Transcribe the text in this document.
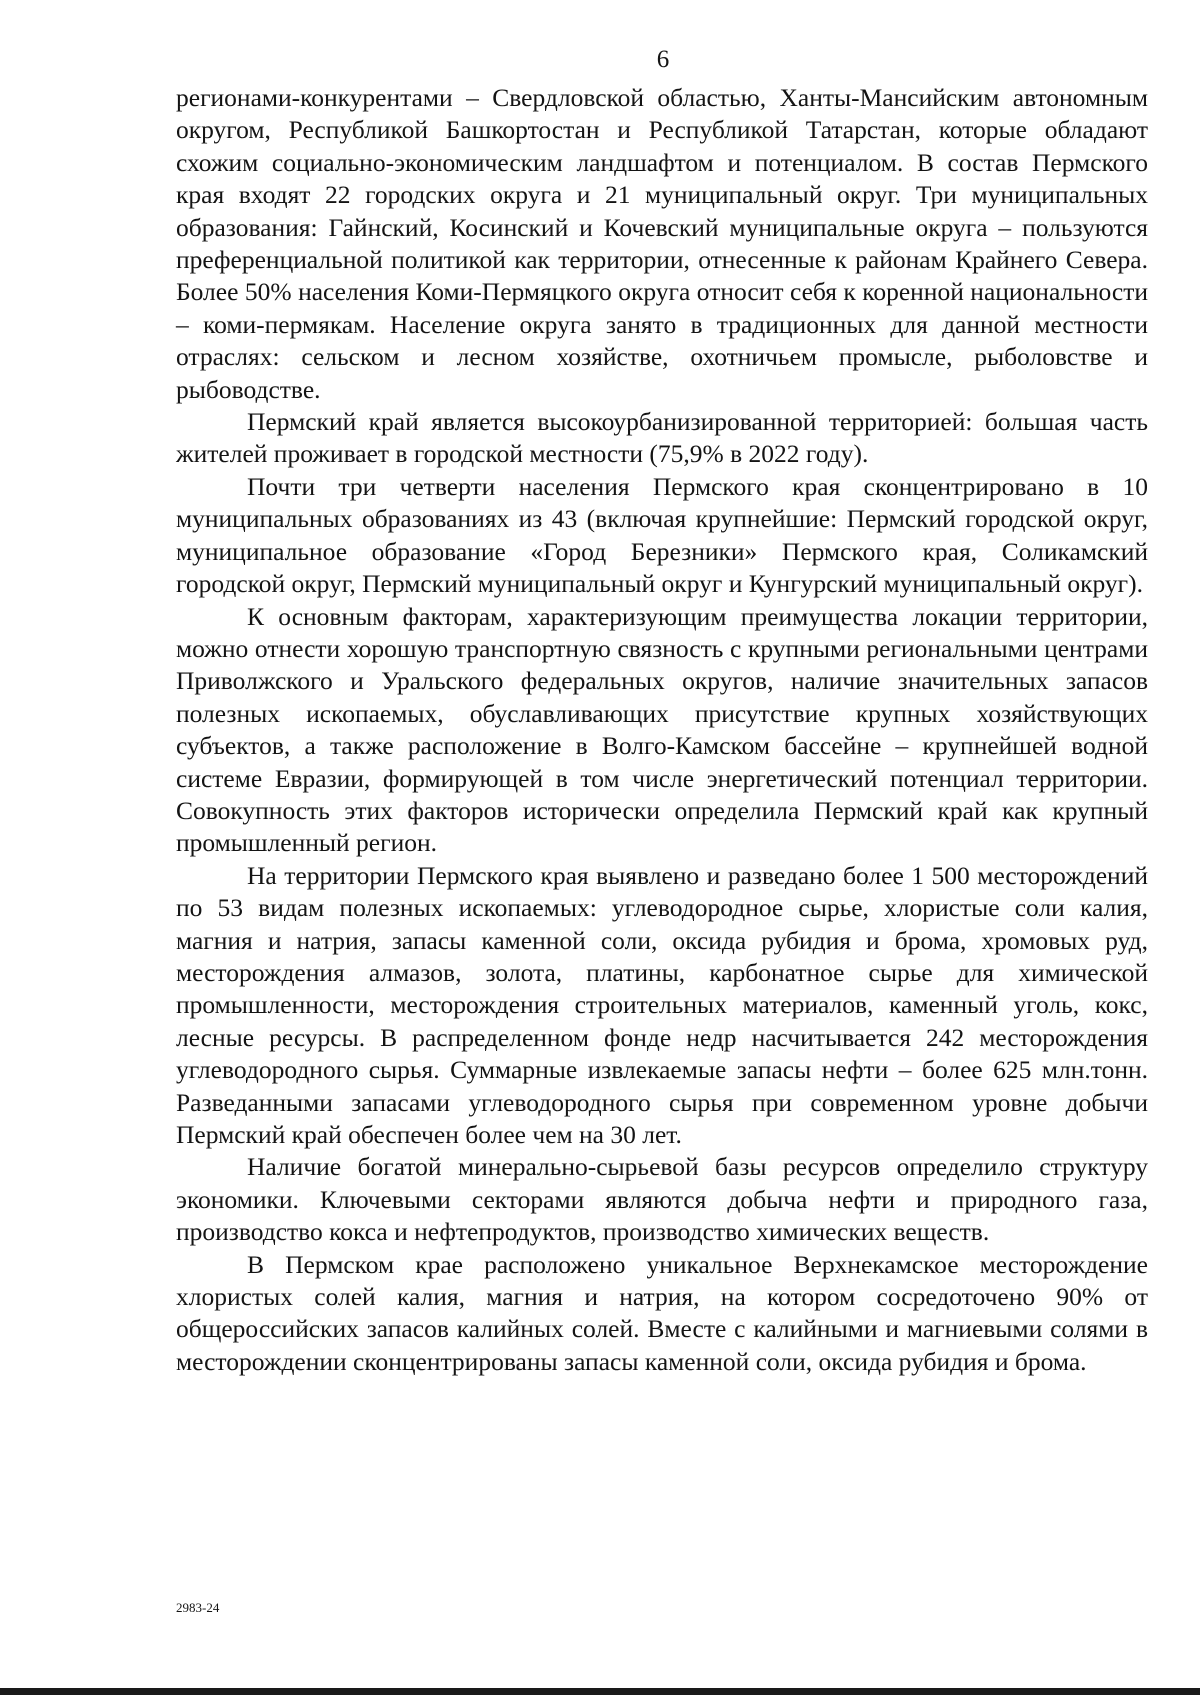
6

регионами-конкурентами – Свердловской областью, Ханты-Мансийским автономным округом, Республикой Башкортостан и Республикой Татарстан, которые обладают схожим социально-экономическим ландшафтом и потенциалом. В состав Пермского края входят 22 городских округа и 21 муниципальный округ. Три муниципальных образования: Гайнский, Косинский и Кочевский муниципальные округа – пользуются преференциальной политикой как территории, отнесенные к районам Крайнего Севера. Более 50% населения Коми-Пермяцкого округа относит себя к коренной национальности – коми-пермякам. Население округа занято в традиционных для данной местности отраслях: сельском и лесном хозяйстве, охотничьем промысле, рыболовстве и рыбоводстве.

Пермский край является высокоурбанизированной территорией: большая часть жителей проживает в городской местности (75,9% в 2022 году).

Почти три четверти населения Пермского края сконцентрировано в 10 муниципальных образованиях из 43 (включая крупнейшие: Пермский городской округ, муниципальное образование «Город Березники» Пермского края, Соликамский городской округ, Пермский муниципальный округ и Кунгурский муниципальный округ).

К основным факторам, характеризующим преимущества локации территории, можно отнести хорошую транспортную связность с крупными региональными центрами Приволжского и Уральского федеральных округов, наличие значительных запасов полезных ископаемых, обуславливающих присутствие крупных хозяйствующих субъектов, а также расположение в Волго-Камском бассейне – крупнейшей водной системе Евразии, формирующей в том числе энергетический потенциал территории. Совокупность этих факторов исторически определила Пермский край как крупный промышленный регион.

На территории Пермского края выявлено и разведано более 1 500 месторождений по 53 видам полезных ископаемых: углеводородное сырье, хлористые соли калия, магния и натрия, запасы каменной соли, оксида рубидия и брома, хромовых руд, месторождения алмазов, золота, платины, карбонатное сырье для химической промышленности, месторождения строительных материалов, каменный уголь, кокс, лесные ресурсы. В распределенном фонде недр насчитывается 242 месторождения углеводородного сырья. Суммарные извлекаемые запасы нефти – более 625 млн.тонн. Разведанными запасами углеводородного сырья при современном уровне добычи Пермский край обеспечен более чем на 30 лет.

Наличие богатой минерально-сырьевой базы ресурсов определило структуру экономики. Ключевыми секторами являются добыча нефти и природного газа, производство кокса и нефтепродуктов, производство химических веществ.

В Пермском крае расположено уникальное Верхнекамское месторождение хлористых солей калия, магния и натрия, на котором сосредоточено 90% от общероссийских запасов калийных солей. Вместе с калийными и магниевыми солями в месторождении сконцентрированы запасы каменной соли, оксида рубидия и брома.

2983-24
